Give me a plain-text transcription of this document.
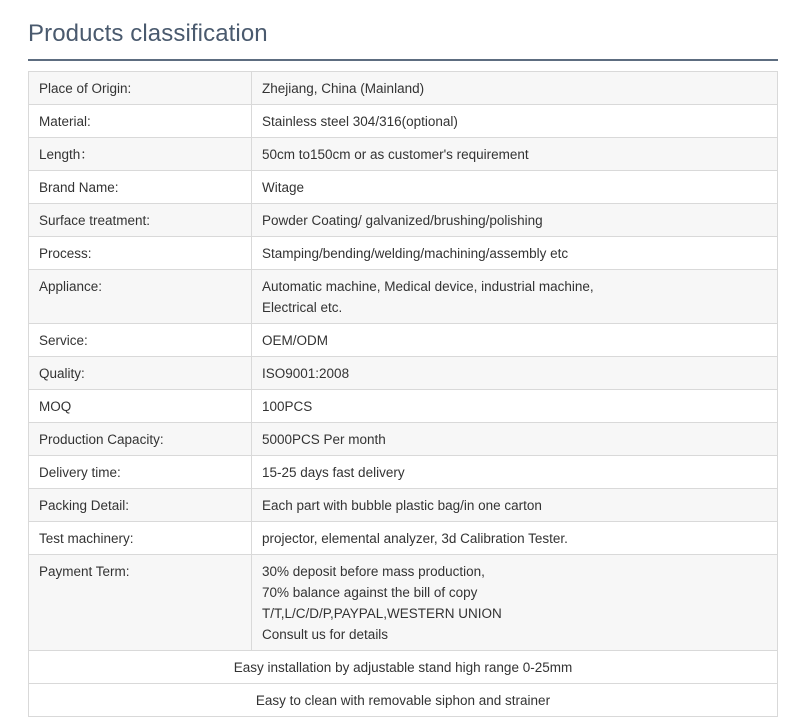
Products classification
Place of Origin:	Zhejiang, China (Mainland)

Material:	Stainless steel 304/316(optional)

Length：	50cm to150cm or as customer's requirement

Brand Name:	Witage

Surface treatment:	Powder Coating/ galvanized/brushing/polishing

Process:	Stamping/bending/welding/machining/assembly etc

Appliance:	Automatic machine, Medical device, industrial machine,
Electrical etc.

Service:	OEM/ODM

Quality:	ISO9001:2008

MOQ	100PCS

Production Capacity:	5000PCS Per month

Delivery time:	15-25 days fast delivery

Packing Detail:	Each part with bubble plastic bag/in one carton

Test machinery:	projector, elemental analyzer, 3d Calibration Tester.

Payment Term:	30% deposit before mass production,
70% balance against the bill of copy
T/T,L/C/D/P,PAYPAL,WESTERN UNION
Consult us for details

Easy installation by adjustable stand high range 0-25mm	
Easy to clean with removable siphon and strainer	
